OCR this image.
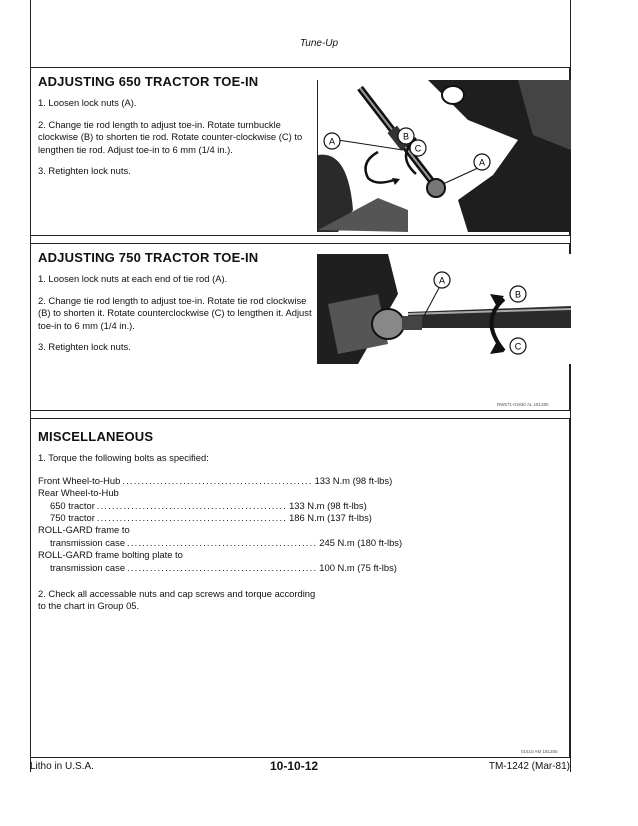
Tune-Up
ADJUSTING 650 TRACTOR TOE-IN

1. Loosen lock nuts (A).

2. Change tie rod length to adjust toe-in. Rotate turnbuckle clockwise (B) to shorten tie rod. Rotate counter-clockwise (C) to lengthen tie rod. Adjust toe-in to 6 mm (1/4 in.).

3. Retighten lock nuts.

A	B
C
A
ADJUSTING 750 TRACTOR TOE-IN

1. Loosen lock nuts at each end of tie rod (A).

2. Change tie rod length to adjust toe-in. Rotate tie rod clockwise (B) to shorten it. Rotate counterclockwise (C) to lengthen it. Adjust toe-in to 6 mm (1/4 in.).

3. Retighten lock nuts.

A
B
C
RW571-01930 AL 181280
MISCELLANEOUS

1. Torque the following bolts as specified:

Front Wheel-to-Hub .................................................. 133 N.m (98 ft-lbs)
Rear Wheel-to-Hub
650 tractor .................................................. 133 N.m (98 ft-lbs)
750 tractor .................................................. 186 N.m (137 ft-lbs)
ROLL-GARD frame to
transmission case .................................................. 245 N.m (180 ft-lbs)
ROLL-GARD frame bolting plate to
transmission case .................................................. 100 N.m (75 ft-lbs)

2. Check all accessable nuts and cap screws and torque according to the chart in Group 05.

01610 AM 181280
Litho in U.S.A.	10-10-12	TM-1242 (Mar-81)
